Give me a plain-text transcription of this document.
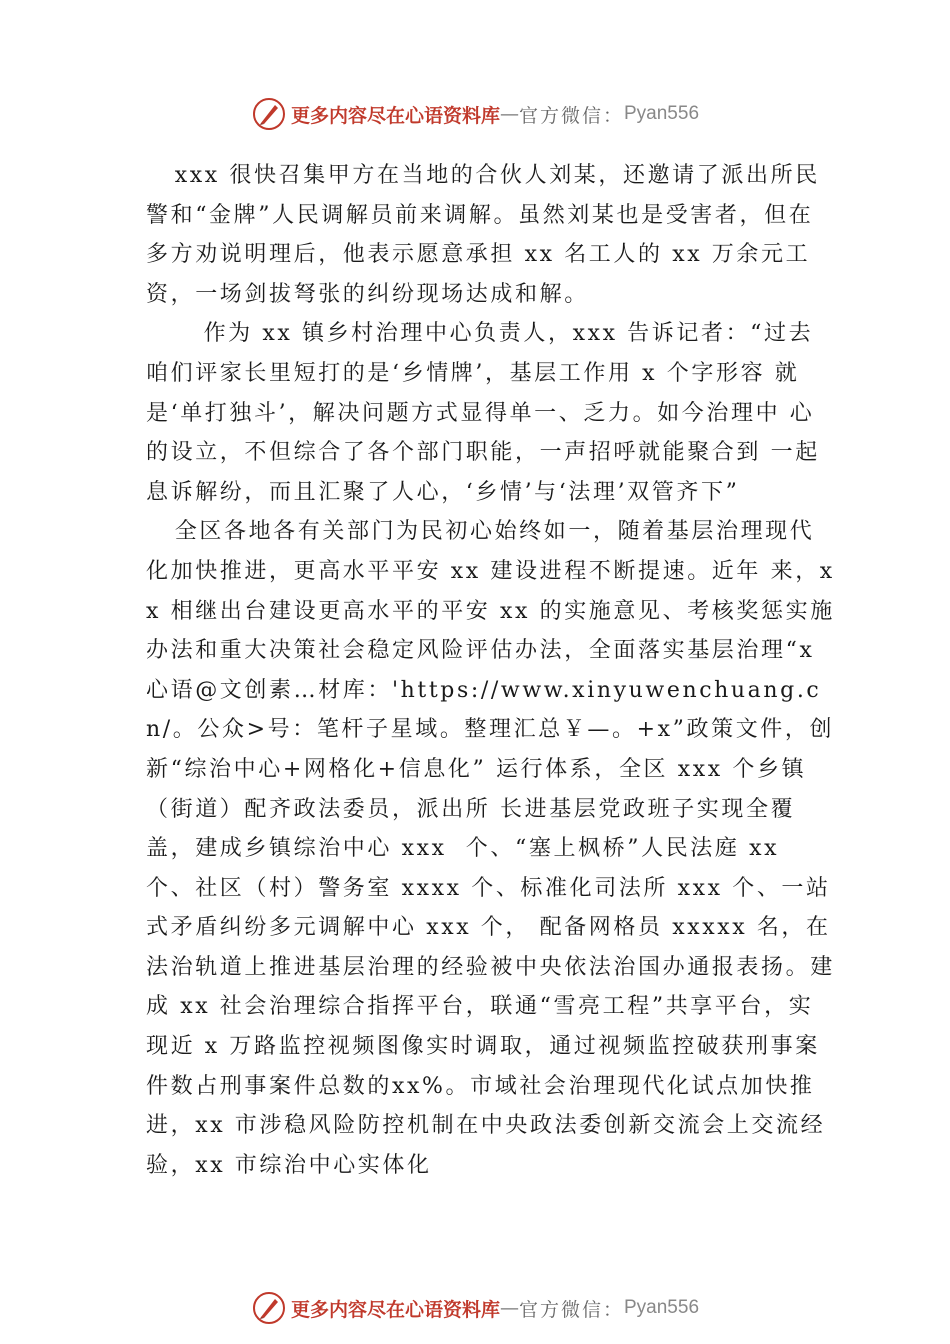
更多内容尽在心语资料库 — 官方微信： Pyan556

xxx 很快召集甲方在当地的合伙人刘某，还邀请了派出所民警和“金牌”人民调解员前来调解。虽然刘某也是受害者，但在多方劝说明理后，他表示愿意承担 xx 名工人的 xx 万余元工资，一场剑拔弩张的纠纷现场达成和解。

作为 xx 镇乡村治理中心负责人，xxx 告诉记者：“过去咱们评家长里短打的是‘乡情牌’，基层工作用 x 个字形容 就是‘单打独斗’，解决问题方式显得单一、乏力。如今治理中 心的设立，不但综合了各个部门职能，一声招呼就能聚合到 一起息诉解纷，而且汇聚了人心，‘乡情’与‘法理’双管齐下”

全区各地各有关部门为民初心始终如一，随着基层治理现代化加快推进，更高水平平安 xx 建设进程不断提速。近年 来，xx 相继出台建设更高水平的平安 xx 的实施意见、考核奖惩实施办法和重大决策社会稳定风险评估办法，全面落实基层治理“x 心语@文创素…材库：'https://www.xinyuwenchuang.cn/。公众>号：笔杆子星域。整理汇总￥—。+x”政策文件，创新“综治中心+网格化+信息化” 运行体系，全区 xxx 个乡镇（街道）配齐政法委员，派出所 长进基层党政班子实现全覆盖，建成乡镇综治中心 xxx  个、“塞上枫桥”人民法庭 xx 个、社区（村）警务室 xxxx 个、标准化司法所 xxx 个、一站式矛盾纠纷多元调解中心 xxx 个， 配备网格员 xxxxx 名，在法治轨道上推进基层治理的经验被中央依法治国办通报表扬。建成 xx 社会治理综合指挥平台，联通“雪亮工程”共享平台，实现近 x 万路监控视频图像实时调取，通过视频监控破获刑事案件数占刑事案件总数的xx%。市域社会治理现代化试点加快推进，xx 市涉稳风险防控机制在中央政法委创新交流会上交流经验，xx 市综治中心实体化

更多内容尽在心语资料库 — 官方微信： Pyan556
